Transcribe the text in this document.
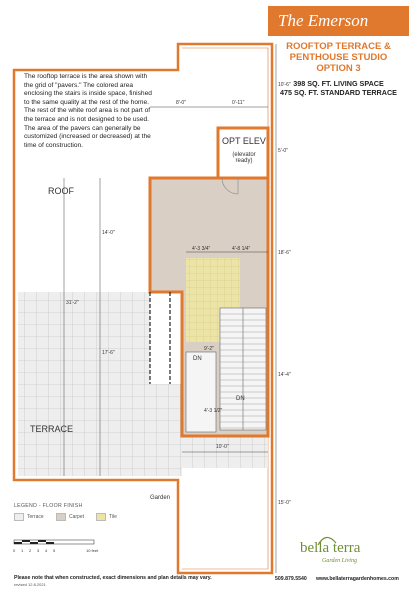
The Emerson
ROOFTOP TERRACE &
PENTHOUSE STUDIO
OPTION 3
398 SQ. FT. LIVING SPACE
475 SQ. FT. STANDARD TERRACE
The rooftop terrace is the area shown with the grid of "pavers." The colored area enclosing the stairs is inside space, finished to the same quality at the rest of the home. The rest of the white roof area is not part of the terrace and is not designed to be used. The area of the pavers can generally be customized (increased or decreased) at the time of construction.	OPT ELEV
(elevator ready)
ROOF
TERRACE
Garden
DN
DN
8'-0"	0'-11"
10'-6"
5'-0"
18'-6"
14'-4"
15'-0"
4'-3 3/4"	4'-8 1/4"
14'-0"
31'-2"
17'-6"
9'-2"
4'-3 1/2"
10'-0"
LEGEND - FLOOR FINISH
Terrace	Carpet	Tile
0 1 2 3 4 5	10 feet	bella terra
Garden Living
Please note that when constructed, exact dimensions and plan details may vary.
revised 12.8.2021
509.879.5540 www.bellaterragardenhomes.com
